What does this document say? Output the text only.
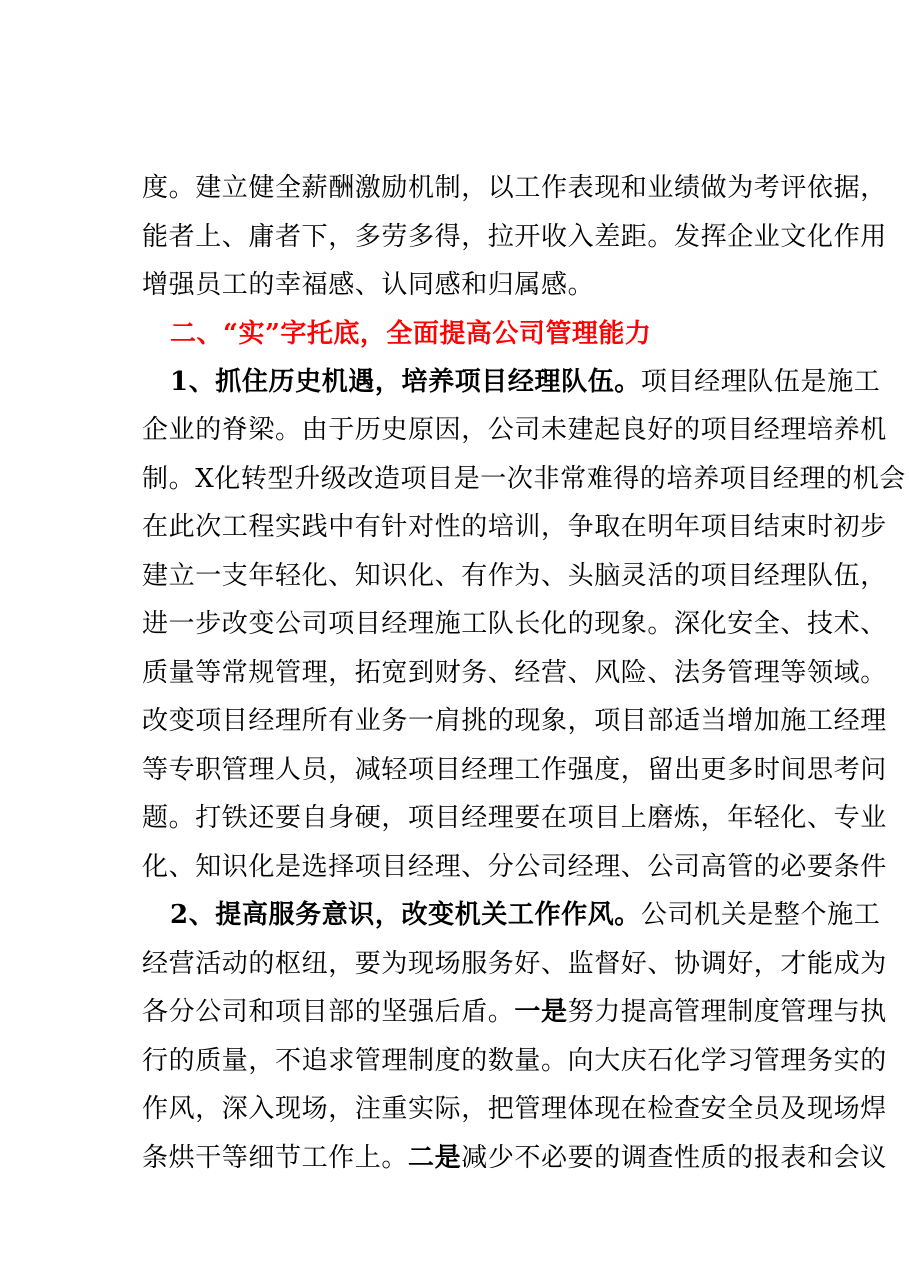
度。建立健全薪酬激励机制，以工作表现和业绩做为考评依据，
能者上、庸者下，多劳多得，拉开收入差距。发挥企业文化作用
增强员工的幸福感、认同感和归属感。
二、“实”字托底，全面提高公司管理能力
1、抓住历史机遇，培养项目经理队伍。项目经理队伍是施工
企业的脊梁。由于历史原因，公司未建起良好的项目经理培养机
制。X化转型升级改造项目是一次非常难得的培养项目经理的机会
在此次工程实践中有针对性的培训，争取在明年项目结束时初步
建立一支年轻化、知识化、有作为、头脑灵活的项目经理队伍，
进一步改变公司项目经理施工队长化的现象。深化安全、技术、
质量等常规管理，拓宽到财务、经营、风险、法务管理等领域。
改变项目经理所有业务一肩挑的现象，项目部适当增加施工经理
等专职管理人员，减轻项目经理工作强度，留出更多时间思考问
题。打铁还要自身硬，项目经理要在项目上磨炼，年轻化、专业
化、知识化是选择项目经理、分公司经理、公司高管的必要条件
2、提高服务意识，改变机关工作作风。公司机关是整个施工
经营活动的枢纽，要为现场服务好、监督好、协调好，才能成为
各分公司和项目部的坚强后盾。一是努力提高管理制度管理与执
行的质量，不追求管理制度的数量。向大庆石化学习管理务实的
作风，深入现场，注重实际，把管理体现在检查安全员及现场焊
条烘干等细节工作上。二是减少不必要的调查性质的报表和会议
